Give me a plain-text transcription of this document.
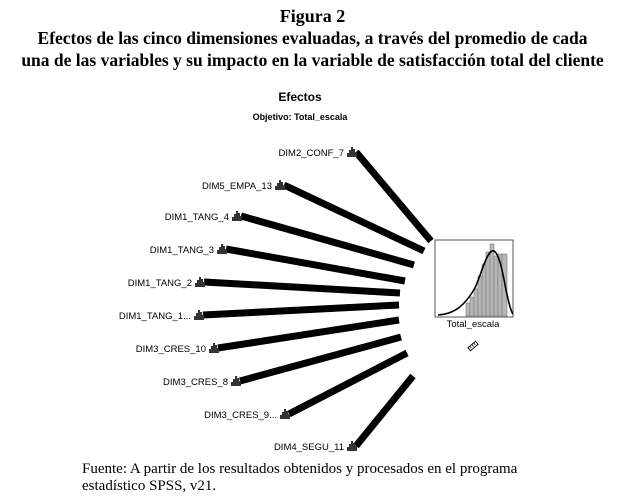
Figura 2
Efectos de las cinco dimensiones evaluadas, a través del promedio de cada
una de las variables y su impacto en la variable de satisfacción total del cliente
Efectos
Objetivo: Total_escala
DIM2_CONF_7
DIM5_EMPA_13
DIM1_TANG_4
DIM1_TANG_3
DIM1_TANG_2
DIM1_TANG_1...
DIM3_CRES_10
DIM3_CRES_8
DIM3_CRES_9...
DIM4_SEGU_11
Total_escala
Fuente: A partir de los resultados obtenidos y procesados en el programa
estadístico SPSS, v21.
